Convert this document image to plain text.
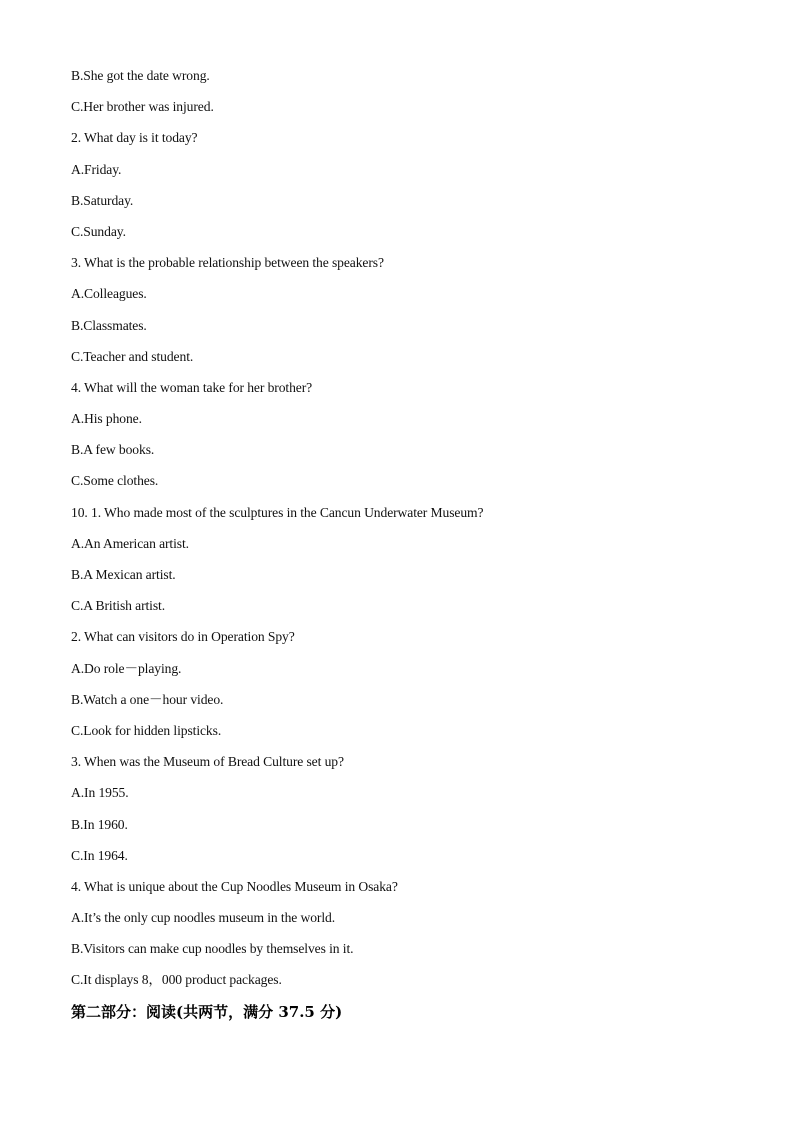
B.She got the date wrong.
C.Her brother was injured.
2. What day is it today?
A.Friday.
B.Saturday.
C.Sunday.
3. What is the probable relationship between the speakers?
A.Colleagues.
B.Classmates.
C.Teacher and student.
4. What will the woman take for her brother?
A.His phone.
B.A few books.
C.Some clothes.
10. 1. Who made most of the sculptures in the Cancun Underwater Museum?
A.An American artist.
B.A Mexican artist.
C.A British artist.
2. What can visitors do in Operation Spy?
A.Do role－playing.
B.Watch a one－hour video.
C.Look for hidden lipsticks.
3. When was the Museum of Bread Culture set up?
A.In 1955.
B.In 1960.
C.In 1964.
4. What is unique about the Cup Noodles Museum in Osaka?
A.It’s the only cup noodles museum in the world.
B.Visitors can make cup noodles by themselves in it.
C.It displays 8，000 product packages.
第二部分：阅读(共两节，满分 37.5 分)
